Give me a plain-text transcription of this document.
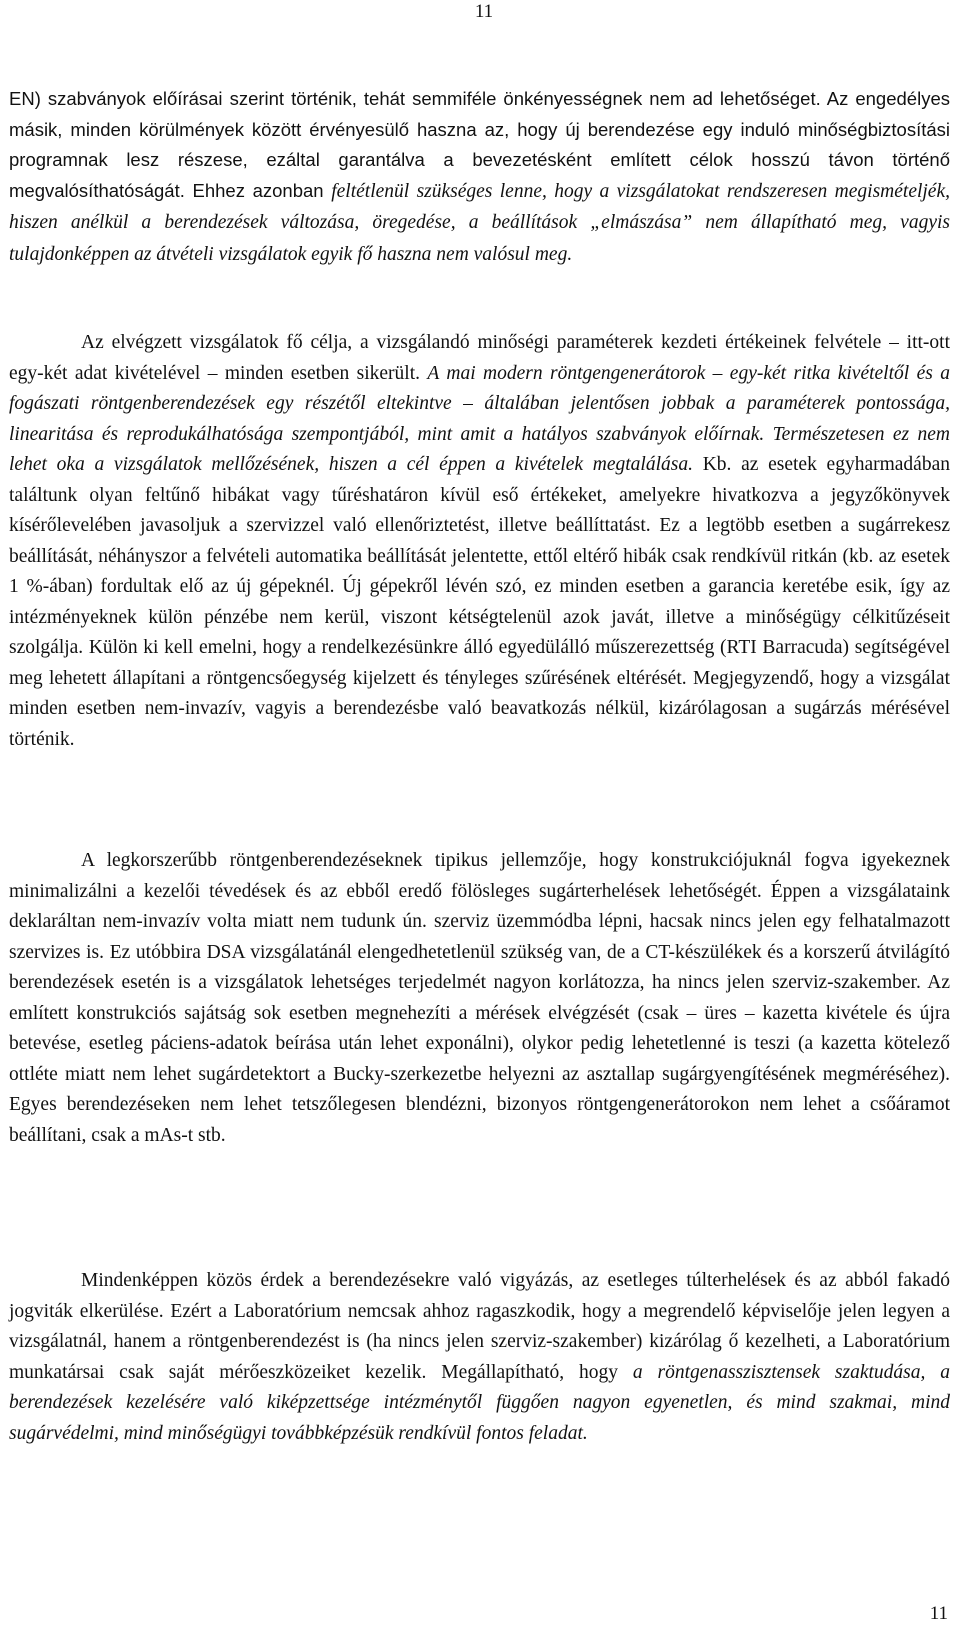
11

EN) szabványok előírásai szerint történik, tehát semmiféle önkényességnek nem ad lehetőséget. Az engedélyes másik, minden körülmények között érvényesülő haszna az, hogy új berendezése egy induló minőségbiztosítási programnak lesz részese, ezáltal garantálva a bevezetésként említett célok hosszú távon történő megvalósíthatóságát. Ehhez azonban feltétlenül szükséges lenne, hogy a vizsgálatokat rendszeresen megismételjék, hiszen anélkül a berendezések változása, öregedése, a beállítások „elmászása” nem állapítható meg, vagyis tulajdonképpen az átvételi vizsgálatok egyik fő haszna nem valósul meg.

Az elvégzett vizsgálatok fő célja, a vizsgálandó minőségi paraméterek kezdeti értékeinek felvétele – itt-ott egy-két adat kivételével – minden esetben sikerült. A mai modern röntgengenerátorok – egy-két ritka kivételtől és a fogászati röntgenberendezések egy részétől eltekintve – általában jelentősen jobbak a paraméterek pontossága, linearitása és reprodukálhatósága szempontjából, mint amit a hatályos szabványok előírnak. Természetesen ez nem lehet oka a vizsgálatok mellőzésének, hiszen a cél éppen a kivételek megtalálása. Kb. az esetek egyharmadában találtunk olyan feltűnő hibákat vagy tűréshatáron kívül eső értékeket, amelyekre hivatkozva a jegyzőkönyvek kísérőlevelében javasoljuk a szervizzel való ellenőriztetést, illetve beállíttatást. Ez a legtöbb esetben a sugárrekesz beállítását, néhányszor a felvételi automatika beállítását jelentette, ettől eltérő hibák csak rendkívül ritkán (kb. az esetek 1 %-ában) fordultak elő az új gépeknél. Új gépekről lévén szó, ez minden esetben a garancia keretébe esik, így az intézményeknek külön pénzébe nem kerül, viszont kétségtelenül azok javát, illetve a minőségügy célkitűzéseit szolgálja. Külön ki kell emelni, hogy a rendelkezésünkre álló egyedülálló műszerezettség (RTI Barracuda) segítségével meg lehetett állapítani a röntgencsőegység kijelzett és tényleges szűrésének eltérését. Megjegyzendő, hogy a vizsgálat minden esetben nem-invazív, vagyis a berendezésbe való beavatkozás nélkül, kizárólagosan a sugárzás mérésével történik.

A legkorszerűbb röntgenberendezéseknek tipikus jellemzője, hogy konstrukciójuknál fogva igyekeznek minimalizálni a kezelői tévedések és az ebből eredő fölösleges sugárterhelések lehetőségét. Éppen a vizsgálataink deklaráltan nem-invazív volta miatt nem tudunk ún. szerviz üzemmódba lépni, hacsak nincs jelen egy felhatalmazott szervizes is. Ez utóbbira DSA vizsgálatánál elengedhetetlenül szükség van, de a CT-készülékek és a korszerű átvilágító berendezések esetén is a vizsgálatok lehetséges terjedelmét nagyon korlátozza, ha nincs jelen szerviz-szakember. Az említett konstrukciós sajátság sok esetben megnehezíti a mérések elvégzését (csak – üres – kazetta kivétele és újra betevése, esetleg páciens-adatok beírása után lehet exponálni), olykor pedig lehetetlenné is teszi (a kazetta kötelező ottléte miatt nem lehet sugárdetektort a Bucky-szerkezetbe helyezni az asztallap sugárgyengítésének megméréséhez). Egyes berendezéseken nem lehet tetszőlegesen blendézni, bizonyos röntgengenerátorokon nem lehet a csőáramot beállítani, csak a mAs-t stb.

Mindenképpen közös érdek a berendezésekre való vigyázás, az esetleges túlterhelések és az abból fakadó jogviták elkerülése. Ezért a Laboratórium nemcsak ahhoz ragaszkodik, hogy a megrendelő képviselője jelen legyen a vizsgálatnál, hanem a röntgenberendezést is (ha nincs jelen szerviz-szakember) kizárólag ő kezelheti, a Laboratórium munkatársai csak saját mérőeszközeiket kezelik. Megállapítható, hogy a röntgenasszisztensek szaktudása, a berendezések kezelésére való kiképzettsége intézménytől függően nagyon egyenetlen, és mind szakmai, mind sugárvédelmi, mind minőségügyi továbbképzésük rendkívül fontos feladat.

11
